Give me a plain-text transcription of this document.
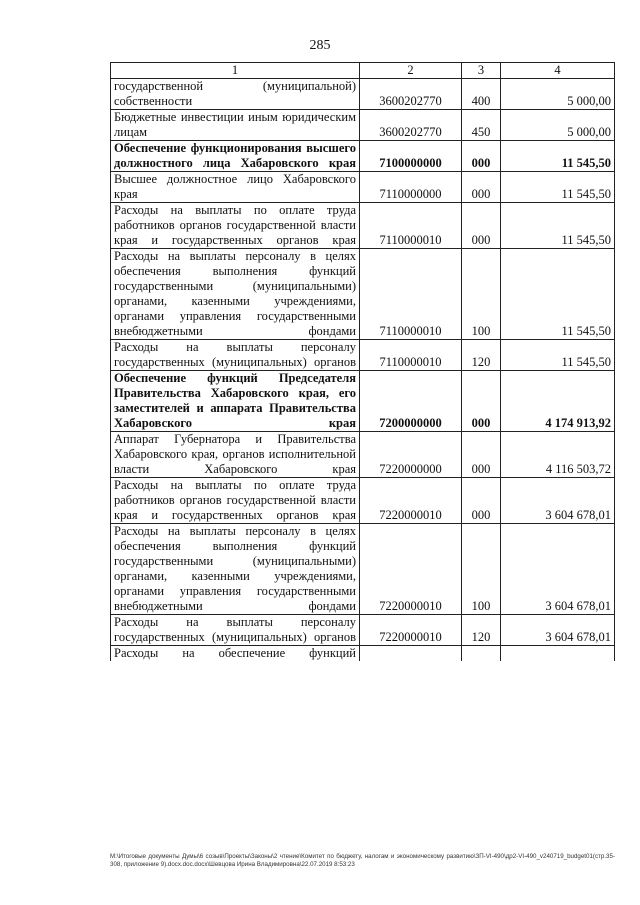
285
1	2	3	4
государственной (муниципальной) собственности	3600202770	400	5 000,00
Бюджетные инвестиции иным юридическим лицам	3600202770	450	5 000,00
Обеспечение функционирования высшего должностного лица Хабаровского края	7100000000	000	11 545,50
Высшее должностное лицо Хабаровского края	7110000000	000	11 545,50
Расходы на выплаты по оплате труда работников органов государственной власти края и государственных органов края	7110000010	000	11 545,50
Расходы на выплаты персоналу в целях обеспечения выполнения функций государственными (муниципальными) органами, казенными учреждениями, органами управления государственными внебюджетными фондами	7110000010	100	11 545,50
Расходы на выплаты персоналу государственных (муниципальных) органов	7110000010	120	11 545,50
Обеспечение функций Председателя Правительства Хабаровского края, его заместителей и аппарата Правительства Хабаровского края	7200000000	000	4 174 913,92
Аппарат Губернатора и Правительства Хабаровского края, органов исполнительной власти Хабаровского края	7220000000	000	4 116 503,72
Расходы на выплаты по оплате труда работников органов государственной власти края и государственных органов края	7220000010	000	3 604 678,01
Расходы на выплаты персоналу в целях обеспечения выполнения функций государственными (муниципальными) органами, казенными учреждениями, органами управления государственными внебюджетными фондами	7220000010	100	3 604 678,01
Расходы на выплаты персоналу государственных (муниципальных) органов	7220000010	120	3 604 678,01
Расходы на обеспечение функций			
M:\Итоговые документы Думы\6 созыв\Проекты\Законы\2 чтение\Комитет по бюджету, налогам и экономическому развитию\ЗП-VI-490\др2-VI-490_v240719_budget01(стр.35-308, приложение 9).docx.doc.docx\Шевцова Ирина Владимировна\22.07.2019 8:53:23
